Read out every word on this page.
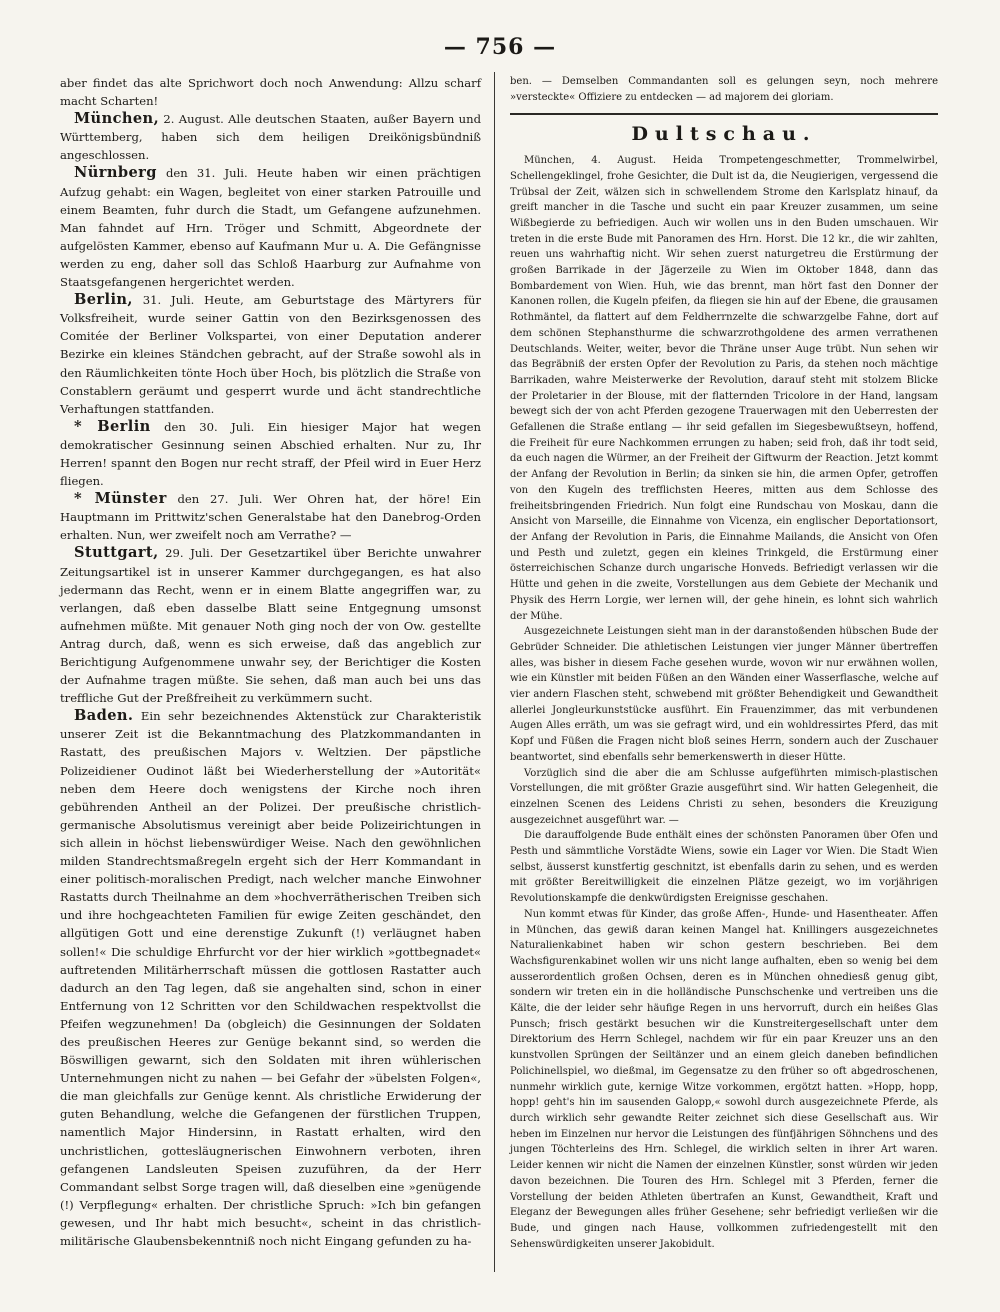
— 756 —

aber findet das alte Sprichwort doch noch Anwendung: Allzu scharf macht Scharten!

München, 2. August. Alle deutschen Staaten, außer Bayern und Württemberg, haben sich dem heiligen Dreikönigsbündniß angeschlossen.

Nürnberg den 31. Juli. Heute haben wir einen prächtigen Aufzug gehabt: ein Wagen, begleitet von einer starken Patrouille und einem Beamten, fuhr durch die Stadt, um Gefangene aufzunehmen. Man fahndet auf Hrn. Tröger und Schmitt, Abgeordnete der aufgelösten Kammer, ebenso auf Kaufmann Mur u. A. Die Gefängnisse werden zu eng, daher soll das Schloß Haarburg zur Aufnahme von Staatsgefangenen hergerichtet werden.

Berlin, 31. Juli. Heute, am Geburtstage des Märtyrers für Volksfreiheit, wurde seiner Gattin von den Bezirksgenossen des Comitée der Berliner Volkspartei, von einer Deputation anderer Bezirke ein kleines Ständchen gebracht, auf der Straße sowohl als in den Räumlichkeiten tönte Hoch über Hoch, bis plötzlich die Straße von Constablern geräumt und gesperrt wurde und ächt standrechtliche Verhaftungen stattfanden.

* Berlin den 30. Juli. Ein hiesiger Major hat wegen demokratischer Gesinnung seinen Abschied erhalten. Nur zu, Ihr Herren! spannt den Bogen nur recht straff, der Pfeil wird in Euer Herz fliegen.

* Münster den 27. Juli. Wer Ohren hat, der höre! Ein Hauptmann im Prittwitz'schen Generalstabe hat den Danebrog-Orden erhalten. Nun, wer zweifelt noch am Verrathe? —

Stuttgart, 29. Juli. Der Gesetzartikel über Berichte unwahrer Zeitungsartikel ist in unserer Kammer durchgegangen, es hat also jedermann das Recht, wenn er in einem Blatte angegriffen war, zu verlangen, daß eben dasselbe Blatt seine Entgegnung umsonst aufnehmen müßte. Mit genauer Noth ging noch der von Ow. gestellte Antrag durch, daß, wenn es sich erweise, daß das angeblich zur Berichtigung Aufgenommene unwahr sey, der Berichtiger die Kosten der Aufnahme tragen müßte. Sie sehen, daß man auch bei uns das treffliche Gut der Preßfreiheit zu verkümmern sucht.

Baden. Ein sehr bezeichnendes Aktenstück zur Charakteristik unserer Zeit ist die Bekanntmachung des Platzkommandanten in Rastatt, des preußischen Majors v. Weltzien. Der päpstliche Polizeidiener Oudinot läßt bei Wiederherstellung der »Autorität« neben dem Heere doch wenigstens der Kirche noch ihren gebührenden Antheil an der Polizei. Der preußische christlich-germanische Absolutismus vereinigt aber beide Polizeirichtungen in sich allein in höchst liebenswürdiger Weise. Nach den gewöhnlichen milden Standrechtsmaßregeln ergeht sich der Herr Kommandant in einer politisch-moralischen Predigt, nach welcher manche Einwohner Rastatts durch Theilnahme an dem »hochverrätherischen Treiben sich und ihre hochgeachteten Familien für ewige Zeiten geschändet, den allgütigen Gott und eine derenstige Zukunft (!) verläugnet haben sollen!« Die schuldige Ehrfurcht vor der hier wirklich »gottbegnadet« auftretenden Militärherrschaft müssen die gottlosen Rastatter auch dadurch an den Tag legen, daß sie angehalten sind, schon in einer Entfernung von 12 Schritten vor den Schildwachen respektvollst die Pfeifen wegzunehmen! Da (obgleich) die Gesinnungen der Soldaten des preußischen Heeres zur Genüge bekannt sind, so werden die Böswilligen gewarnt, sich den Soldaten mit ihren wühlerischen Unternehmungen nicht zu nahen — bei Gefahr der »übelsten Folgen«, die man gleichfalls zur Genüge kennt. Als christliche Erwiderung der guten Behandlung, welche die Gefangenen der fürstlichen Truppen, namentlich Major Hindersinn, in Rastatt erhalten, wird den unchristlichen, gottesläugnerischen Einwohnern verboten, ihren gefangenen Landsleuten Speisen zuzuführen, da der Herr Commandant selbst Sorge tragen will, daß dieselben eine »genügende (!) Verpflegung« erhalten. Der christliche Spruch: »Ich bin gefangen gewesen, und Ihr habt mich besucht«, scheint in das christlich-militärische Glaubensbekenntniß noch nicht Eingang gefunden zu ha-

ben. — Demselben Commandanten soll es gelungen seyn, noch mehrere »versteckte« Offiziere zu entdecken — ad majorem dei gloriam.

Dultschau.

München, 4. August. Heida Trompetengeschmetter, Trommelwirbel, Schellengeklingel, frohe Gesichter, die Dult ist da, die Neugierigen, vergessend die Trübsal der Zeit, wälzen sich in schwellendem Strome den Karlsplatz hinauf, da greift mancher in die Tasche und sucht ein paar Kreuzer zusammen, um seine Wißbegierde zu befriedigen. Auch wir wollen uns in den Buden umschauen. Wir treten in die erste Bude mit Panoramen des Hrn. Horst. Die 12 kr., die wir zahlten, reuen uns wahrhaftig nicht. Wir sehen zuerst naturgetreu die Erstürmung der großen Barrikade in der Jägerzeile zu Wien im Oktober 1848, dann das Bombardement von Wien. Huh, wie das brennt, man hört fast den Donner der Kanonen rollen, die Kugeln pfeifen, da fliegen sie hin auf der Ebene, die grausamen Rothmäntel, da flattert auf dem Feldherrnzelte die schwarzgelbe Fahne, dort auf dem schönen Stephansthurme die schwarzrothgoldene des armen verrathenen Deutschlands. Weiter, weiter, bevor die Thräne unser Auge trübt. Nun sehen wir das Begräbniß der ersten Opfer der Revolution zu Paris, da stehen noch mächtige Barrikaden, wahre Meisterwerke der Revolution, darauf steht mit stolzem Blicke der Proletarier in der Blouse, mit der flatternden Tricolore in der Hand, langsam bewegt sich der von acht Pferden gezogene Trauerwagen mit den Ueberresten der Gefallenen die Straße entlang — ihr seid gefallen im Siegesbewußtseyn, hoffend, die Freiheit für eure Nachkommen errungen zu haben; seid froh, daß ihr todt seid, da euch nagen die Würmer, an der Freiheit der Giftwurm der Reaction. Jetzt kommt der Anfang der Revolution in Berlin; da sinken sie hin, die armen Opfer, getroffen von den Kugeln des trefflichsten Heeres, mitten aus dem Schlosse des freiheitsbringenden Friedrich. Nun folgt eine Rundschau von Moskau, dann die Ansicht von Marseille, die Einnahme von Vicenza, ein englischer Deportationsort, der Anfang der Revolution in Paris, die Einnahme Mailands, die Ansicht von Ofen und Pesth und zuletzt, gegen ein kleines Trinkgeld, die Erstürmung einer österreichischen Schanze durch ungarische Honveds. Befriedigt verlassen wir die Hütte und gehen in die zweite, Vorstellungen aus dem Gebiete der Mechanik und Physik des Herrn Lorgie, wer lernen will, der gehe hinein, es lohnt sich wahrlich der Mühe.

Ausgezeichnete Leistungen sieht man in der daranstoßenden hübschen Bude der Gebrüder Schneider. Die athletischen Leistungen vier junger Männer übertreffen alles, was bisher in diesem Fache gesehen wurde, wovon wir nur erwähnen wollen, wie ein Künstler mit beiden Füßen an den Wänden einer Wasserflasche, welche auf vier andern Flaschen steht, schwebend mit größter Behendigkeit und Gewandtheit allerlei Jongleurkunststücke ausführt. Ein Frauenzimmer, das mit verbundenen Augen Alles erräth, um was sie gefragt wird, und ein wohldressirtes Pferd, das mit Kopf und Füßen die Fragen nicht bloß seines Herrn, sondern auch der Zuschauer beantwortet, sind ebenfalls sehr bemerkenswerth in dieser Hütte.

Vorzüglich sind die aber die am Schlusse aufgeführten mimisch-plastischen Vorstellungen, die mit größter Grazie ausgeführt sind. Wir hatten Gelegenheit, die einzelnen Scenen des Leidens Christi zu sehen, besonders die Kreuzigung ausgezeichnet ausgeführt war. —

Die darauffolgende Bude enthält eines der schönsten Panoramen über Ofen und Pesth und sämmtliche Vorstädte Wiens, sowie ein Lager vor Wien. Die Stadt Wien selbst, äusserst kunstfertig geschnitzt, ist ebenfalls darin zu sehen, und es werden mit größter Bereitwilligkeit die einzelnen Plätze gezeigt, wo im vorjährigen Revolutionskampfe die denkwürdigsten Ereignisse geschahen.

Nun kommt etwas für Kinder, das große Affen-, Hunde- und Hasentheater. Affen in München, das gewiß daran keinen Mangel hat. Knillingers ausgezeichnetes Naturalienkabinet haben wir schon gestern beschrieben. Bei dem Wachsfigurenkabinet wollen wir uns nicht lange aufhalten, eben so wenig bei dem ausserordentlich großen Ochsen, deren es in München ohnediesß genug gibt, sondern wir treten ein in die holländische Punschschenke und vertreiben uns die Kälte, die der leider sehr häufige Regen in uns hervorruft, durch ein heißes Glas Punsch; frisch gestärkt besuchen wir die Kunstreitergesellschaft unter dem Direktorium des Herrn Schlegel, nachdem wir für ein paar Kreuzer uns an den kunstvollen Sprüngen der Seiltänzer und an einem gleich daneben befindlichen Polichinellspiel, wo dießmal, im Gegensatze zu den früher so oft abgedroschenen, nunmehr wirklich gute, kernige Witze vorkommen, ergötzt hatten. »Hopp, hopp, hopp! geht's hin im sausenden Galopp,« sowohl durch ausgezeichnete Pferde, als durch wirklich sehr gewandte Reiter zeichnet sich diese Gesellschaft aus. Wir heben im Einzelnen nur hervor die Leistungen des fünfjährigen Söhnchens und des jungen Töchterleins des Hrn. Schlegel, die wirklich selten in ihrer Art waren. Leider kennen wir nicht die Namen der einzelnen Künstler, sonst würden wir jeden davon bezeichnen. Die Touren des Hrn. Schlegel mit 3 Pferden, ferner die Vorstellung der beiden Athleten übertrafen an Kunst, Gewandtheit, Kraft und Eleganz der Bewegungen alles früher Gesehene; sehr befriedigt verließen wir die Bude, und gingen nach Hause, vollkommen zufriedengestellt mit den Sehenswürdigkeiten unserer Jakobidult.
